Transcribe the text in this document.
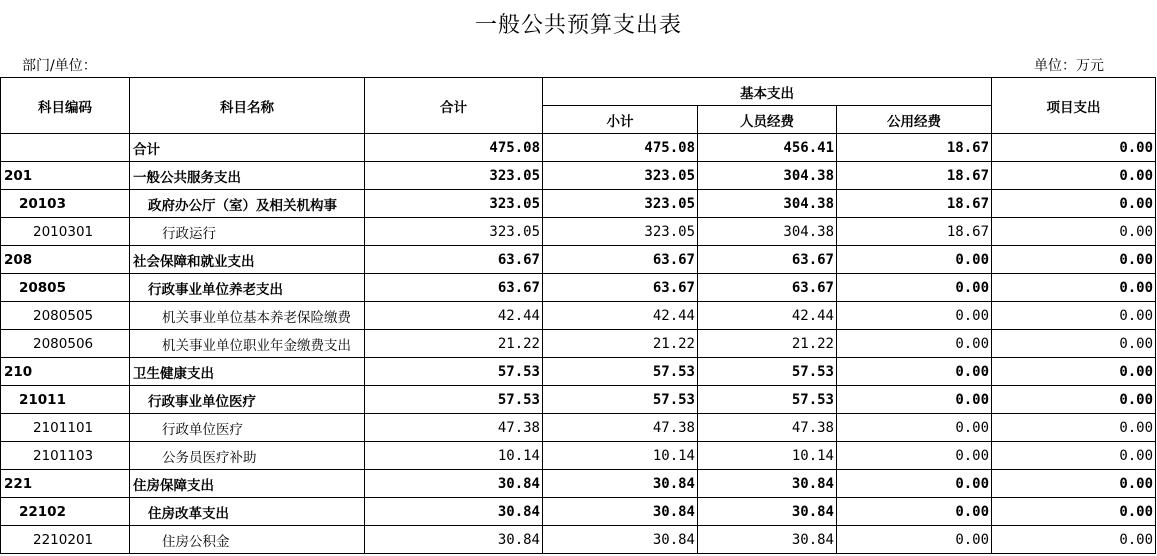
一般公共预算支出表
部门/单位：	单位：万元
科目编码	科目名称	合计	基本支出			项目支出
			小计	人员经费	公用经费	
	合计	475.08	475.08	456.41	18.67	0.00
201	一般公共服务支出	323.05	323.05	304.38	18.67	0.00
20103	政府办公厅（室）及相关机构事	323.05	323.05	304.38	18.67	0.00
2010301	行政运行	323.05	323.05	304.38	18.67	0.00
208	社会保障和就业支出	63.67	63.67	63.67	0.00	0.00
20805	行政事业单位养老支出	63.67	63.67	63.67	0.00	0.00
2080505	机关事业单位基本养老保险缴费	42.44	42.44	42.44	0.00	0.00
2080506	机关事业单位职业年金缴费支出	21.22	21.22	21.22	0.00	0.00
210	卫生健康支出	57.53	57.53	57.53	0.00	0.00
21011	行政事业单位医疗	57.53	57.53	57.53	0.00	0.00
2101101	行政单位医疗	47.38	47.38	47.38	0.00	0.00
2101103	公务员医疗补助	10.14	10.14	10.14	0.00	0.00
221	住房保障支出	30.84	30.84	30.84	0.00	0.00
22102	住房改革支出	30.84	30.84	30.84	0.00	0.00
2210201	住房公积金	30.84	30.84	30.84	0.00	0.00
